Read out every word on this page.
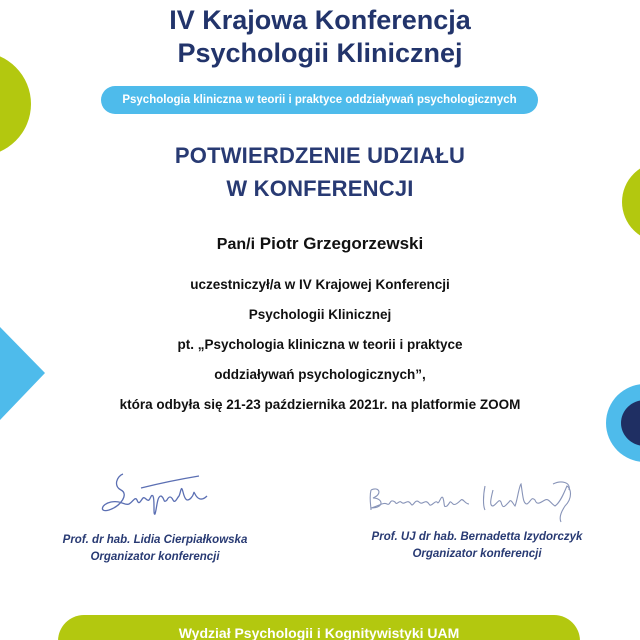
IV Krajowa Konferencja
Psychologii Klinicznej
Psychologia kliniczna w teorii i praktyce oddziaływań psychologicznych
POTWIERDZENIE UDZIAŁU
W KONFERENCJI
Pan/i Piotr Grzegorzewski
uczestniczył/a w IV Krajowej Konferencji
Psychologii Klinicznej
pt. „Psychologia kliniczna w teorii i praktyce
oddziaływań psychologicznych”,
która odbyła się 21-23 października 2021r. na platformie ZOOM
Prof. dr hab. Lidia Cierpiałkowska
Organizator konferencji
Prof. UJ dr hab. Bernadetta Izydorczyk
Organizator konferencji
Wydział Psychologii i Kognitywistyki UAM
